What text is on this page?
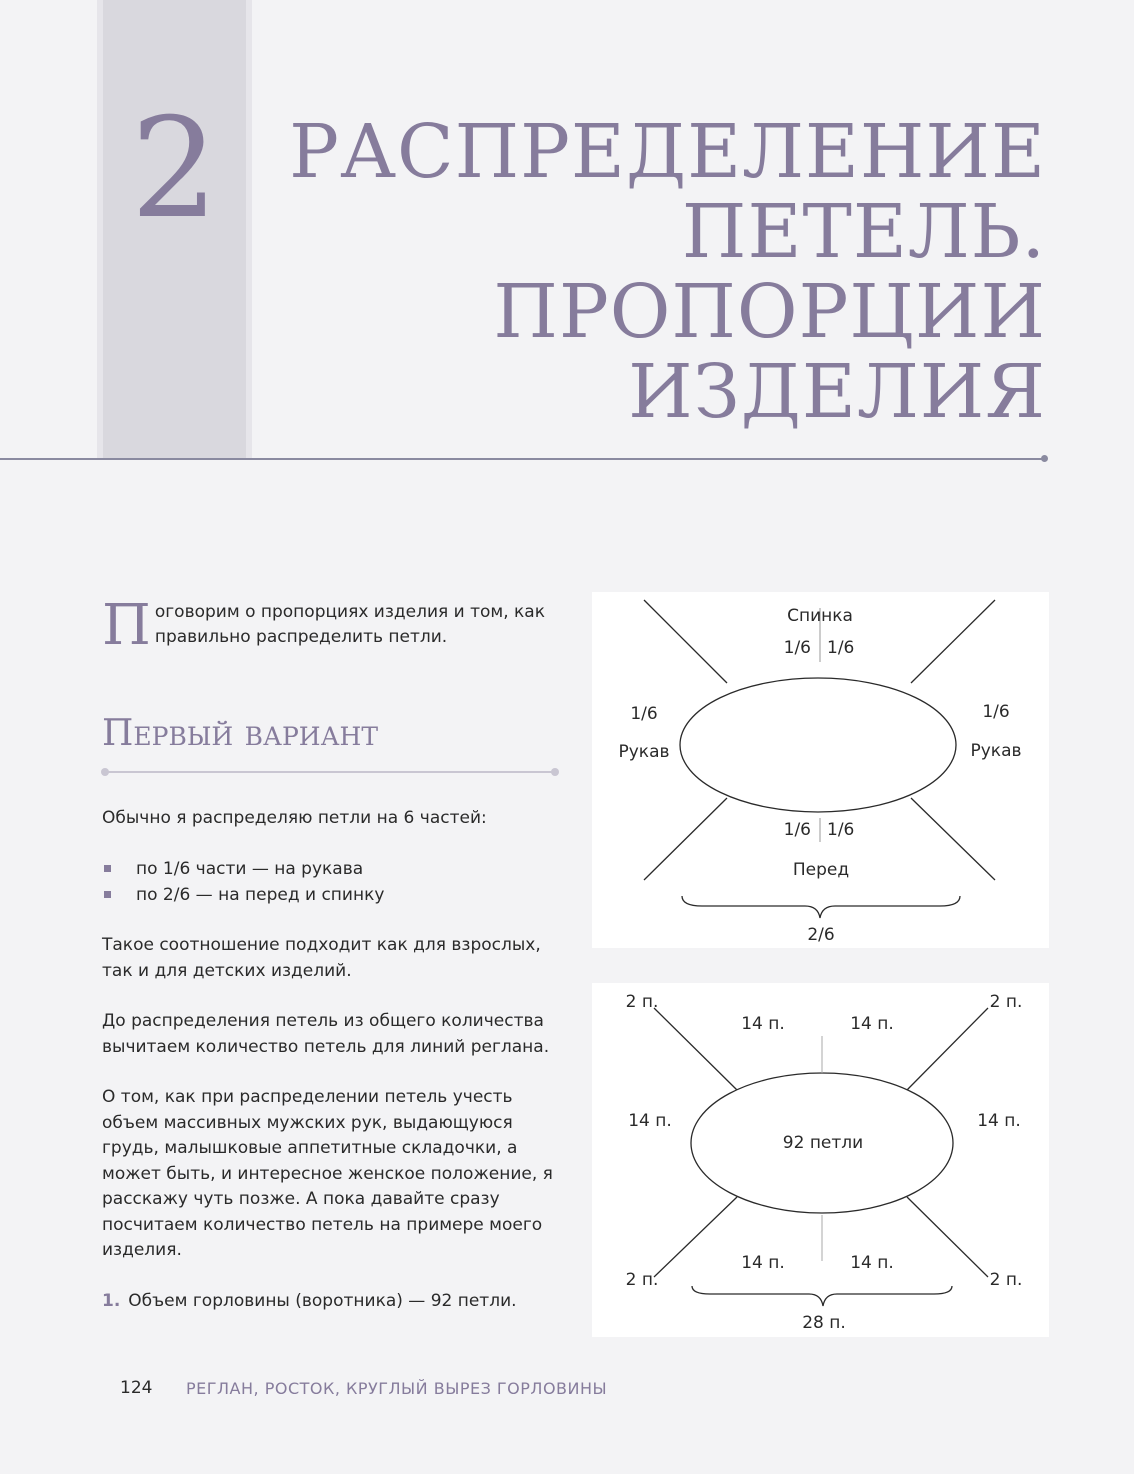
2 РАСПРЕДЕЛЕНИЕ
ПЕТЕЛЬ.
ПРОПОРЦИИ
ИЗДЕЛИЯ
П оговорим о пропорциях изделия и том, как правильно распределить петли.
Первый вариант
Обычно я распределяю петли на 6 частей:
по 1/6 части — на рукава
по 2/6 — на перед и спинку
Такое соотношение подходит как для взрослых, так и для детских изделий.
До распределения петель из общего количества вычитаем количество петель для линий реглана.
О том, как при распределении петель учесть объем массивных мужских рук, выдающуюся грудь, малышковые аппетитные складочки, а может быть, и интересное женское положение, я расскажу чуть позже. А пока давайте сразу посчитаем количество петель на примере моего изделия.
1. Объем горловины (воротника) — 92 петли.
Спинка
1/6 1/6
1/6
Рукав
1/6
Рукав
1/6 1/6
Перед
2/6
2 п.	2 п.
14 п.	14 п.
14 п.	14 п.
92 петли
14 п.	14 п.
2 п.	2 п.
28 п.
124 РЕГЛАН, РОСТОК, КРУГЛЫЙ ВЫРЕЗ ГОРЛОВИНЫ
